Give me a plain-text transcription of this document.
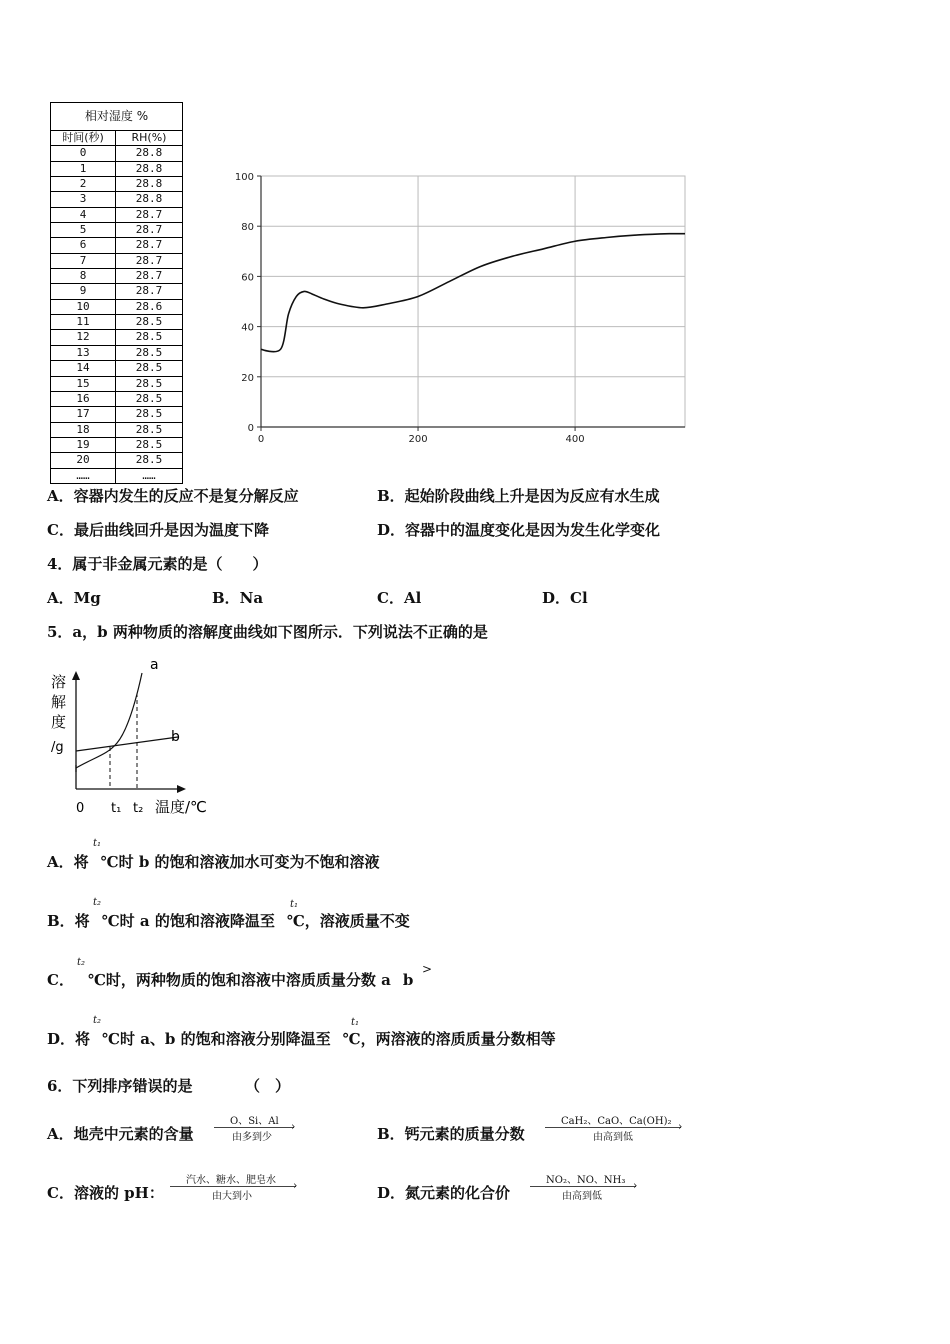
相对湿度 %
时间(秒)	RH(%)
0	28.8
1	28.8
2	28.8
3	28.8
4	28.7
5	28.7
6	28.7
7	28.7
8	28.7
9	28.7
10	28.6
11	28.5
12	28.5
13	28.5
14	28.5
15	28.5
16	28.5
17	28.5
18	28.5
19	28.5
20	28.5
……	……
0
20
40
60
80
100
0	200	400
A．容器内发生的反应不是复分解反应	B．起始阶段曲线上升是因为反应有水生成
C．最后曲线回升是因为温度下降	D．容器中的温度变化是因为发生化学变化
4．属于非金属元素的是（　　）
A．Mg	B．Na	C．Al	D．Cl
5．a，b 两种物质的溶解度曲线如下图所示．下列说法不正确的是
溶
解
度
/g
a
b
0 t₁ t₂ 温度/℃
A．将 ℃时 b 的饱和溶液加水可变为不饱和溶液
t₁
B．将 ℃时 a 的饱和溶液降温至 ℃，溶液质量不变
t₂	t₁
C． ℃时，两种物质的饱和溶液中溶质质量分数 a b
t₂	>
D．将 ℃时 a、b 的饱和溶液分别降温至 ℃，两溶液的溶质质量分数相等
t₂	t₁
6．下列排序错误的是　　　　（　）
A．地壳中元素的含量
O、Si、Al ›
由多到少	B．钙元素的质量分数
CaH₂、CaO、Ca(OH)₂ ›
由高到低
C．溶液的 pH：
汽水、糖水、肥皂水 ›
由大到小	D．氮元素的化合价
NO₂、NO、NH₃ ›
由高到低
